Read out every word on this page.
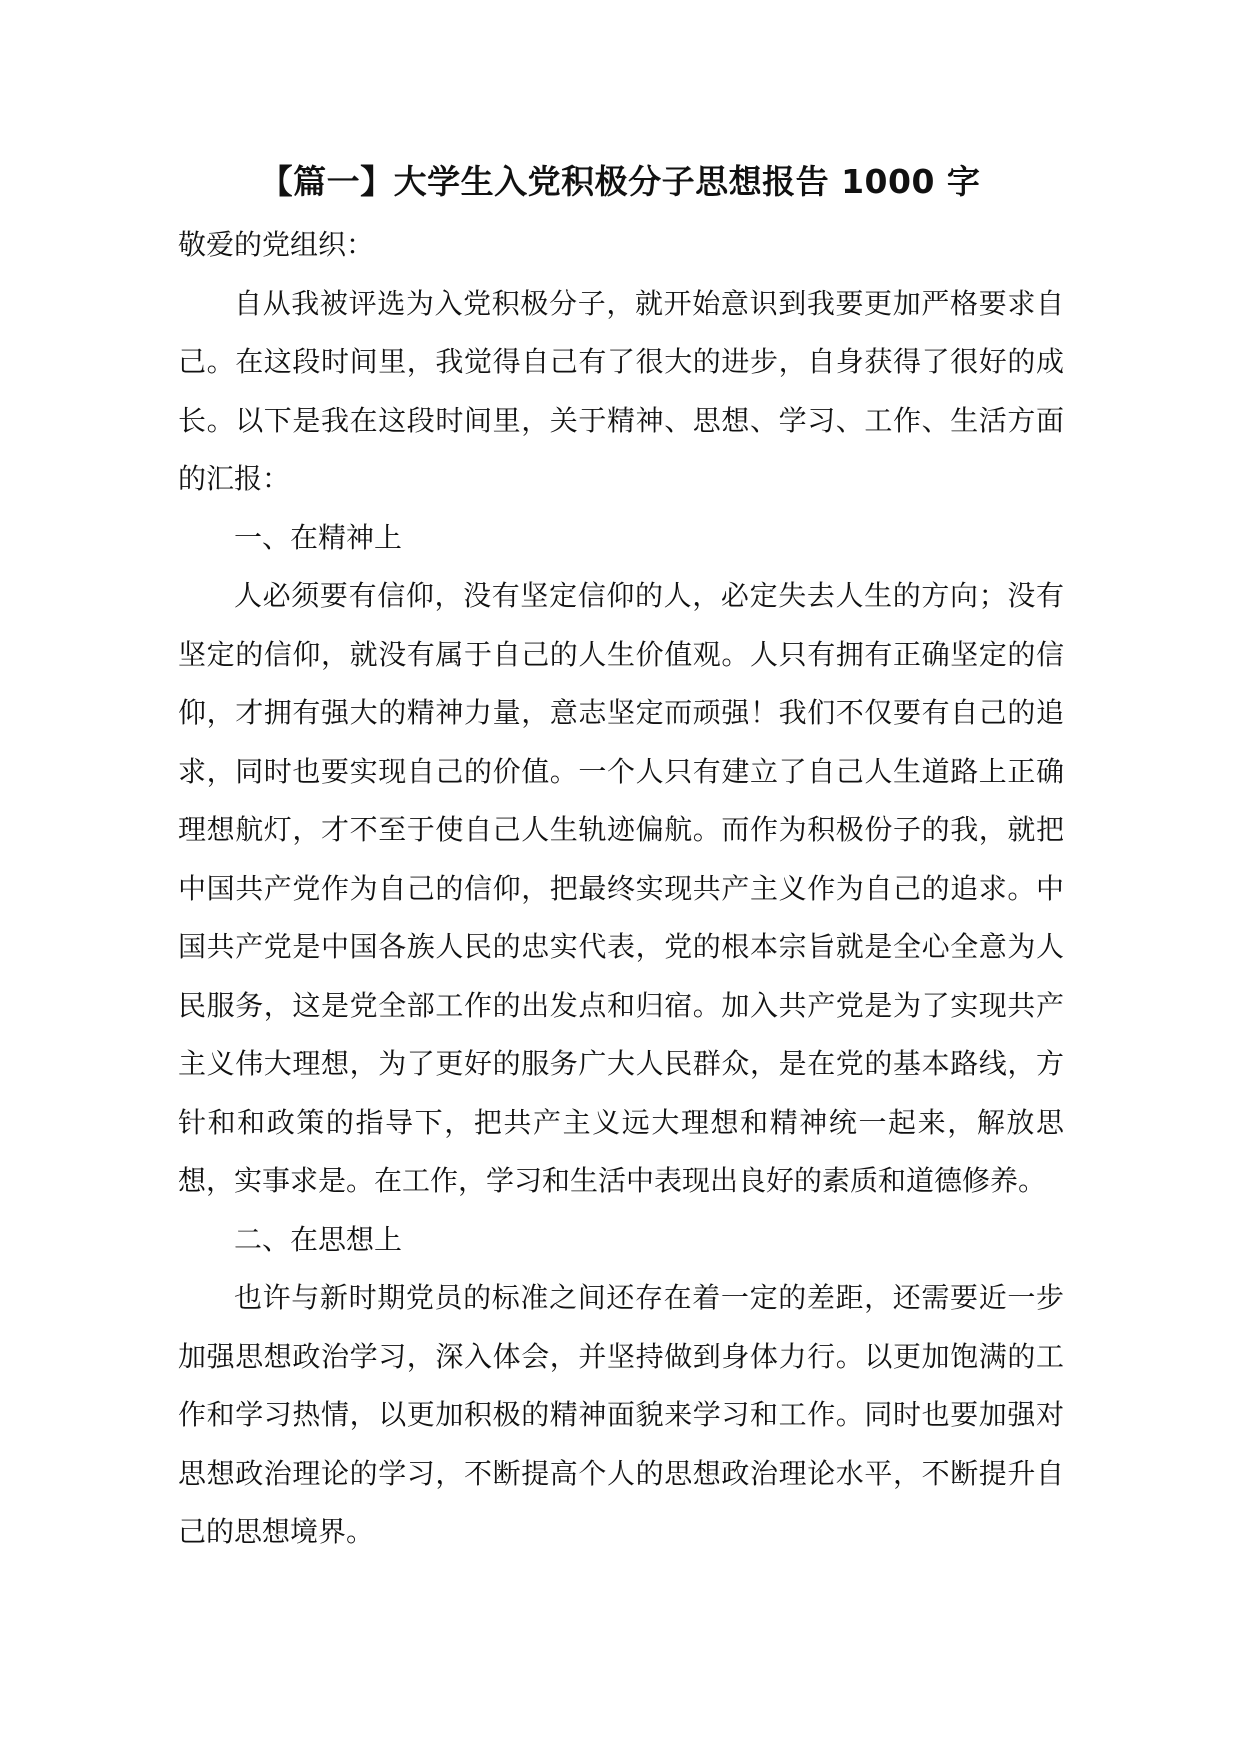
【篇一】大学生入党积极分子思想报告 1000 字

敬爱的党组织：

自从我被评选为入党积极分子，就开始意识到我要更加严格要求自己。在这段时间里，我觉得自己有了很大的进步，自身获得了很好的成长。以下是我在这段时间里，关于精神、思想、学习、工作、生活方面的汇报：

一、在精神上

人必须要有信仰，没有坚定信仰的人，必定失去人生的方向；没有坚定的信仰，就没有属于自己的人生价值观。人只有拥有正确坚定的信仰，才拥有强大的精神力量，意志坚定而顽强！我们不仅要有自己的追求，同时也要实现自己的价值。一个人只有建立了自己人生道路上正确理想航灯，才不至于使自己人生轨迹偏航。而作为积极份子的我，就把中国共产党作为自己的信仰，把最终实现共产主义作为自己的追求。中国共产党是中国各族人民的忠实代表，党的根本宗旨就是全心全意为人民服务，这是党全部工作的出发点和归宿。加入共产党是为了实现共产主义伟大理想，为了更好的服务广大人民群众，是在党的基本路线，方针和和政策的指导下，把共产主义远大理想和精神统一起来，解放思想，实事求是。在工作，学习和生活中表现出良好的素质和道德修养。

二、在思想上

也许与新时期党员的标准之间还存在着一定的差距，还需要近一步加强思想政治学习，深入体会，并坚持做到身体力行。以更加饱满的工作和学习热情，以更加积极的精神面貌来学习和工作。同时也要加强对思想政治理论的学习，不断提高个人的思想政治理论水平，不断提升自己的思想境界。
